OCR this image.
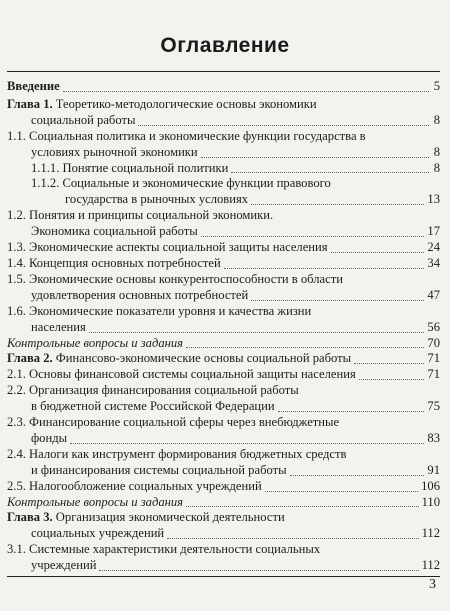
Оглавление
Введение	5
Глава 1. Теоретико-методологические основы экономики
социальной работы	8
1.1. Социальная политика и экономические функции государства в
условиях рыночной экономики	8
1.1.1. Понятие социальной политики	8
1.1.2. Социальные и экономические функции правового
государства в рыночных условиях	13
1.2. Понятия и принципы социальной экономики.
Экономика социальной работы	17
1.3. Экономические аспекты социальной защиты населения	24
1.4. Концепция основных потребностей	34
1.5. Экономические основы конкурентоспособности в области
удовлетворения основных потребностей	47
1.6. Экономические показатели уровня и качества жизни
населения	56
Контрольные вопросы и задания	70
Глава 2. Финансово-экономические основы социальной работы	71
2.1. Основы финансовой системы социальной защиты населения	71
2.2. Организация финансирования социальной работы
в бюджетной системе Российской Федерации	75
2.3. Финансирование социальной сферы через внебюджетные
фонды	83
2.4. Налоги как инструмент формирования бюджетных средств
и финансирования системы социальной работы	91
2.5. Налогообложение социальных учреждений	106
Контрольные вопросы и задания	110
Глава 3. Организация экономической деятельности
социальных учреждений	112
3.1. Системные характеристики деятельности социальных
учреждений	112
3
